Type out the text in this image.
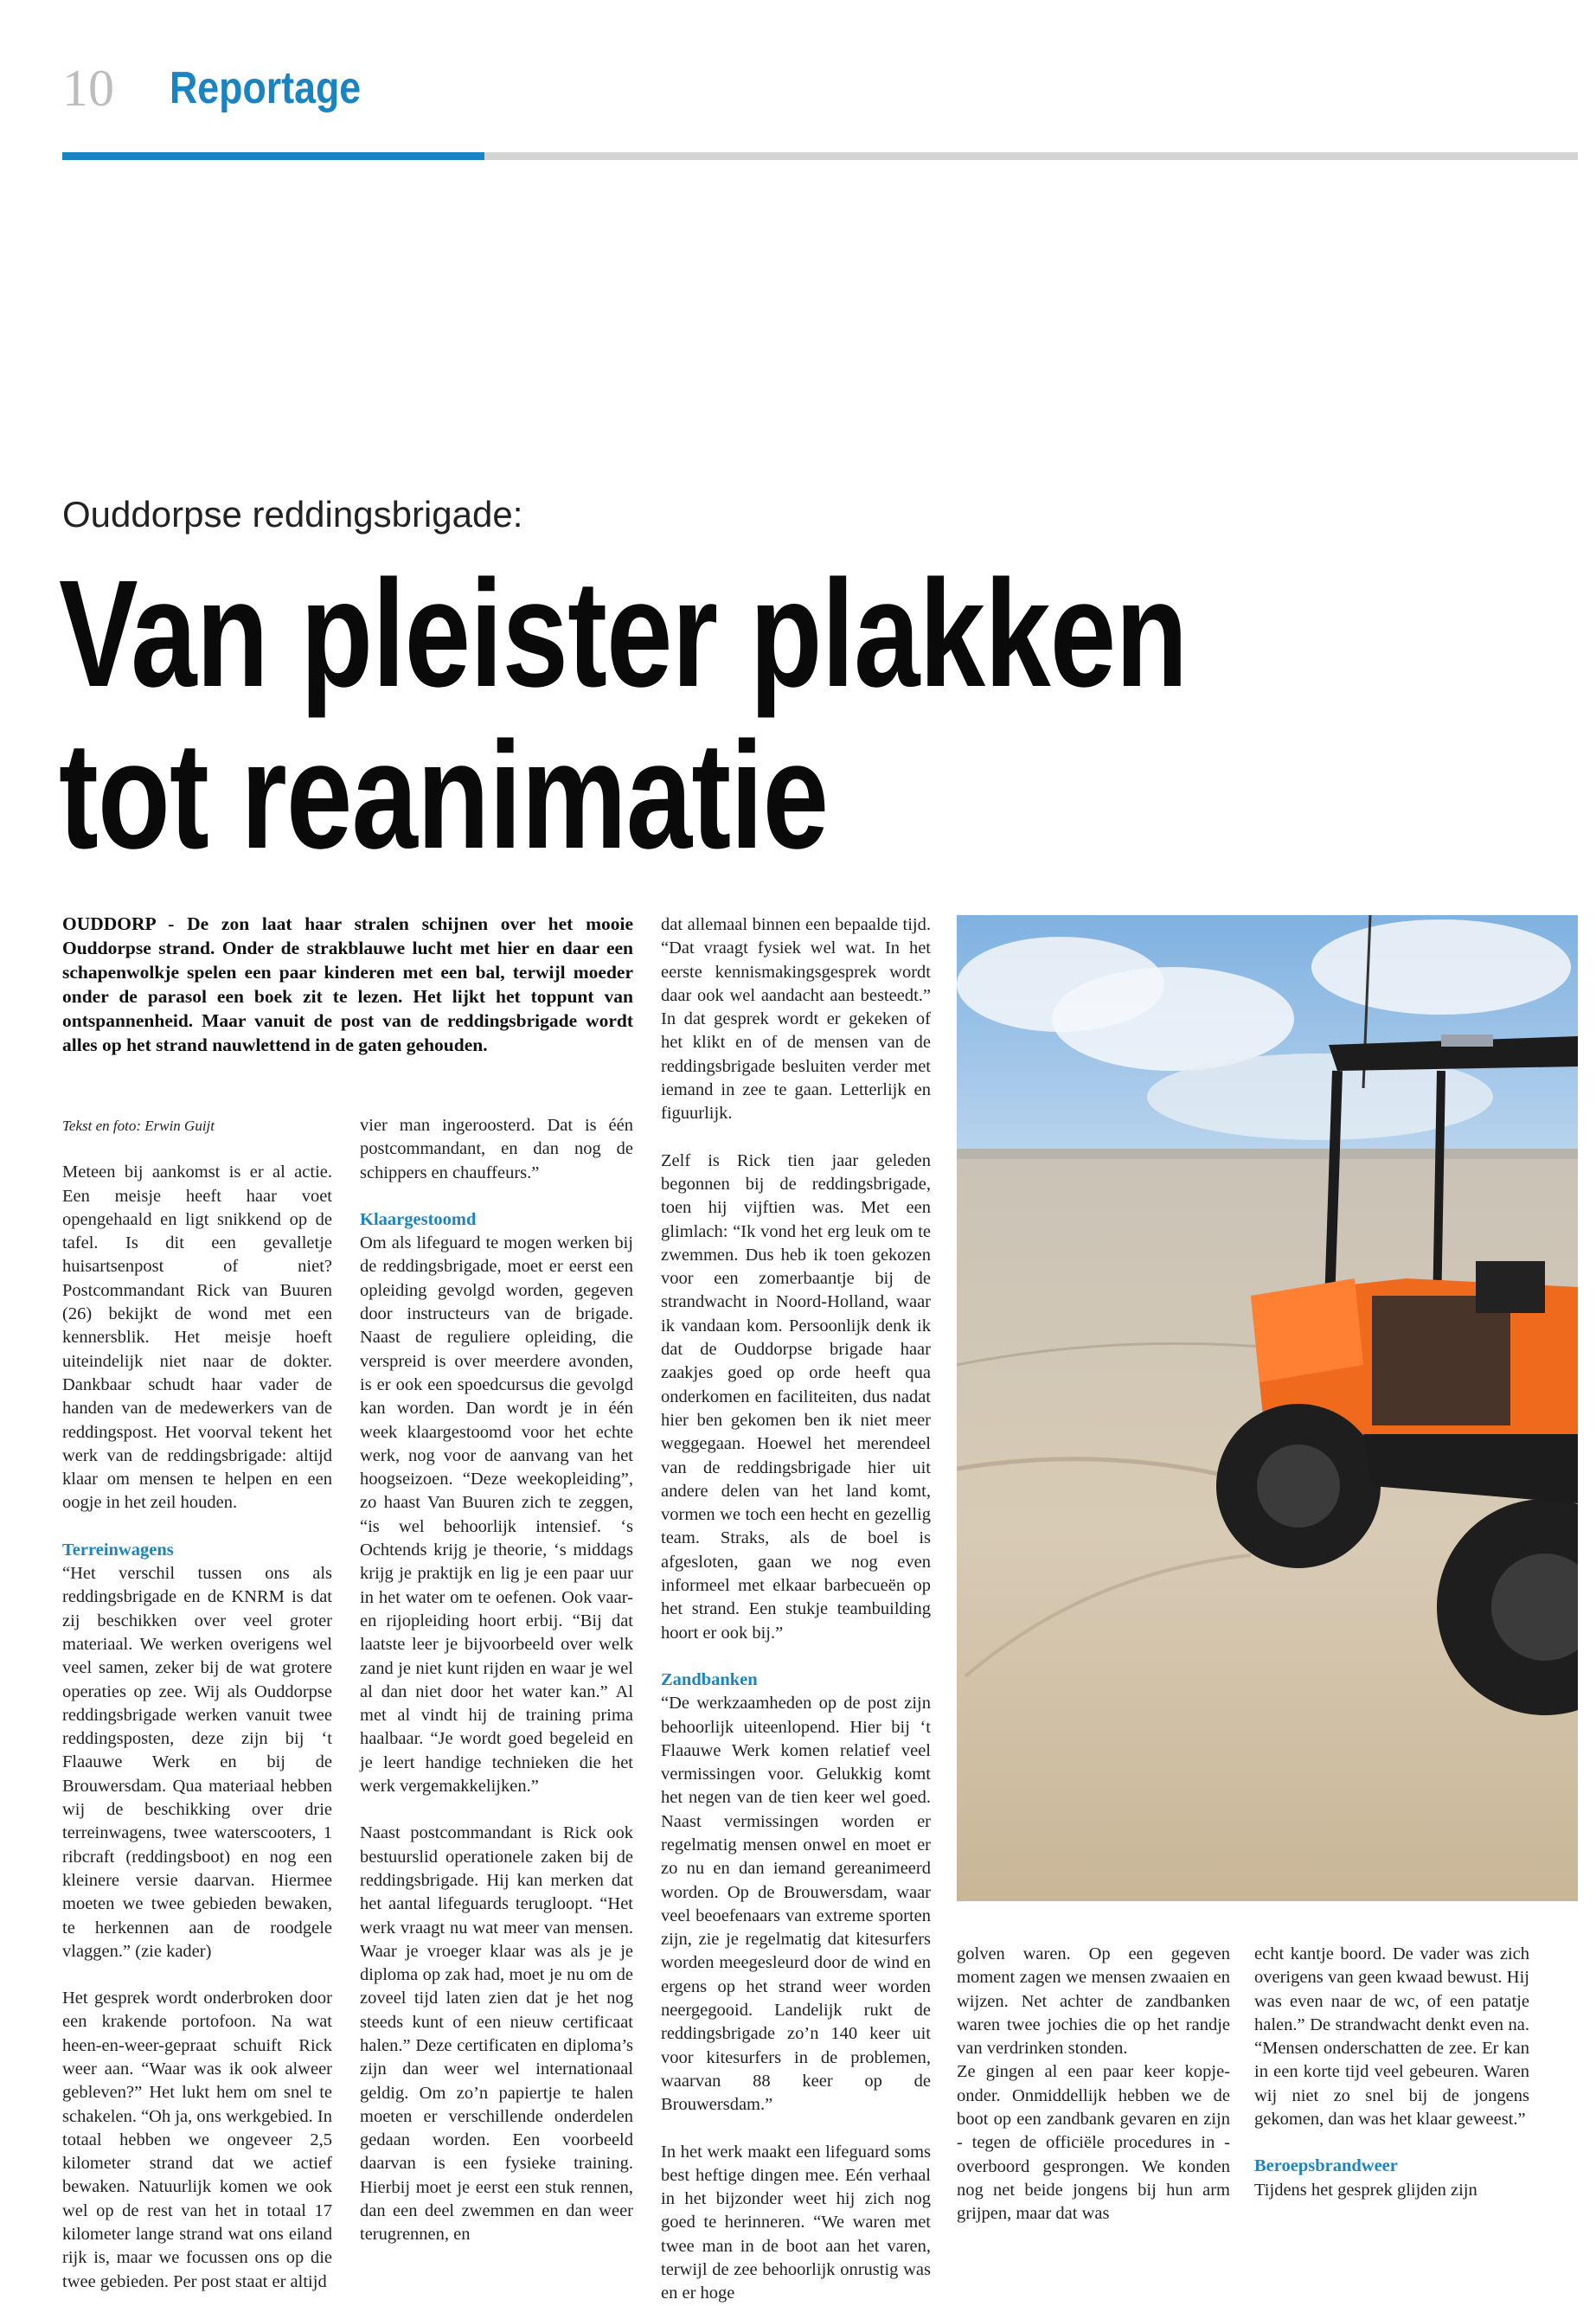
10 Reportage
Ouddorpse reddingsbrigade:
Van pleister plakken
tot reanimatie
OUDDORP - De zon laat haar stralen schijnen over het mooie Ouddorpse strand. Onder de strakblauwe lucht met hier en daar een schapenwolkje spelen een paar kinderen met een bal, terwijl moeder onder de parasol een boek zit te lezen. Het lijkt het toppunt van ontspannenheid. Maar vanuit de post van de reddingsbrigade wordt alles op het strand nauwlettend in de gaten gehouden.

Tekst en foto: Erwin Guijt

Meteen bij aankomst is er al actie. Een meisje heeft haar voet opengehaald en ligt snikkend op de tafel. Is dit een gevalletje huisartsenpost of niet? Postcommandant Rick van Buuren (26) bekijkt de wond met een kennersblik. Het meisje hoeft uiteindelijk niet naar de dokter. Dankbaar schudt haar vader de handen van de medewerkers van de reddingspost. Het voorval tekent het werk van de reddingsbrigade: altijd klaar om mensen te helpen en een oogje in het zeil houden.

Terreinwagens

“Het verschil tussen ons als reddingsbrigade en de KNRM is dat zij beschikken over veel groter materiaal. We werken overigens wel veel samen, zeker bij de wat grotere operaties op zee. Wij als Ouddorpse reddingsbrigade werken vanuit twee reddingsposten, deze zijn bij ‘t Flaauwe Werk en bij de Brouwersdam. Qua materiaal hebben wij de beschikking over drie terreinwagens, twee waterscooters, 1 ribcraft (reddingsboot) en nog een kleinere versie daarvan. Hiermee moeten we twee gebieden bewaken, te herkennen aan de roodgele vlaggen.” (zie kader)

Het gesprek wordt onderbroken door een krakende portofoon. Na wat heen-en-weer-gepraat schuift Rick weer aan. “Waar was ik ook alweer gebleven?” Het lukt hem om snel te schakelen. “Oh ja, ons werkgebied. In totaal hebben we ongeveer 2,5 kilometer strand dat we actief bewaken. Natuurlijk komen we ook wel op de rest van het in totaal 17 kilometer lange strand wat ons eiland rijk is, maar we focussen ons op die twee gebieden. Per post staat er altijd

vier man ingeroosterd. Dat is één postcommandant, en dan nog de schippers en chauffeurs.”

Klaargestoomd

Om als lifeguard te mogen werken bij de reddingsbrigade, moet er eerst een opleiding gevolgd worden, gegeven door instructeurs van de brigade. Naast de reguliere opleiding, die verspreid is over meerdere avonden, is er ook een spoedcursus die gevolgd kan worden. Dan wordt je in één week klaargestoomd voor het echte werk, nog voor de aanvang van het hoogseizoen. “Deze weekopleiding”, zo haast Van Buuren zich te zeggen, “is wel behoorlijk intensief. ‘s Ochtends krijg je theorie, ‘s middags krijg je praktijk en lig je een paar uur in het water om te oefenen. Ook vaar- en rijopleiding hoort erbij. “Bij dat laatste leer je bijvoorbeeld over welk zand je niet kunt rijden en waar je wel al dan niet door het water kan.” Al met al vindt hij de training prima haalbaar. “Je wordt goed begeleid en je leert handige technieken die het werk vergemakkelijken.”

Naast postcommandant is Rick ook bestuurslid operationele zaken bij de reddingsbrigade. Hij kan merken dat het aantal lifeguards terugloopt. “Het werk vraagt nu wat meer van mensen. Waar je vroeger klaar was als je je diploma op zak had, moet je nu om de zoveel tijd laten zien dat je het nog steeds kunt of een nieuw certificaat halen.” Deze certificaten en diploma’s zijn dan weer wel internationaal geldig. Om zo’n papiertje te halen moeten er verschillende onderdelen gedaan worden. Een voorbeeld daarvan is een fysieke training. Hierbij moet je eerst een stuk rennen, dan een deel zwemmen en dan weer terugrennen, en

dat allemaal binnen een bepaalde tijd. “Dat vraagt fysiek wel wat. In het eerste kennismakingsgesprek wordt daar ook wel aandacht aan besteedt.” In dat gesprek wordt er gekeken of het klikt en of de mensen van de reddingsbrigade besluiten verder met iemand in zee te gaan. Letterlijk en figuurlijk.

Zelf is Rick tien jaar geleden begonnen bij de reddingsbrigade, toen hij vijftien was. Met een glimlach: “Ik vond het erg leuk om te zwemmen. Dus heb ik toen gekozen voor een zomerbaantje bij de strandwacht in Noord-Holland, waar ik vandaan kom. Persoonlijk denk ik dat de Ouddorpse brigade haar zaakjes goed op orde heeft qua onderkomen en faciliteiten, dus nadat hier ben gekomen ben ik niet meer weggegaan. Hoewel het merendeel van de reddingsbrigade hier uit andere delen van het land komt, vormen we toch een hecht en gezellig team. Straks, als de boel is afgesloten, gaan we nog even informeel met elkaar barbecueën op het strand. Een stukje teambuilding hoort er ook bij.”

Zandbanken

“De werkzaamheden op de post zijn behoorlijk uiteenlopend. Hier bij ‘t Flaauwe Werk komen relatief veel vermissingen voor. Gelukkig komt het negen van de tien keer wel goed. Naast vermissingen worden er regelmatig mensen onwel en moet er zo nu en dan iemand gereanimeerd worden. Op de Brouwersdam, waar veel beoefenaars van extreme sporten zijn, zie je regelmatig dat kitesurfers worden meegesleurd door de wind en ergens op het strand weer worden neergegooid. Landelijk rukt de reddingsbrigade zo’n 140 keer uit voor kitesurfers in de problemen, waarvan 88 keer op de Brouwersdam.”

In het werk maakt een lifeguard soms best heftige dingen mee. Eén verhaal in het bijzonder weet hij zich nog goed te herinneren. “We waren met twee man in de boot aan het varen, terwijl de zee behoorlijk onrustig was en er hoge

golven waren. Op een gegeven moment zagen we mensen zwaaien en wijzen. Net achter de zandbanken waren twee jochies die op het randje van verdrinken stonden.

Ze gingen al een paar keer kopje-onder. Onmiddellijk hebben we de boot op een zandbank gevaren en zijn - tegen de officiële procedures in - overboord gesprongen. We konden nog net beide jongens bij hun arm grijpen, maar dat was

echt kantje boord. De vader was zich overigens van geen kwaad bewust. Hij was even naar de wc, of een patatje halen.” De strandwacht denkt even na. “Mensen onderschatten de zee. Er kan in een korte tijd veel gebeuren. Waren wij niet zo snel bij de jongens gekomen, dan was het klaar geweest.”

Beroepsbrandweer

Tijdens het gesprek glijden zijn
